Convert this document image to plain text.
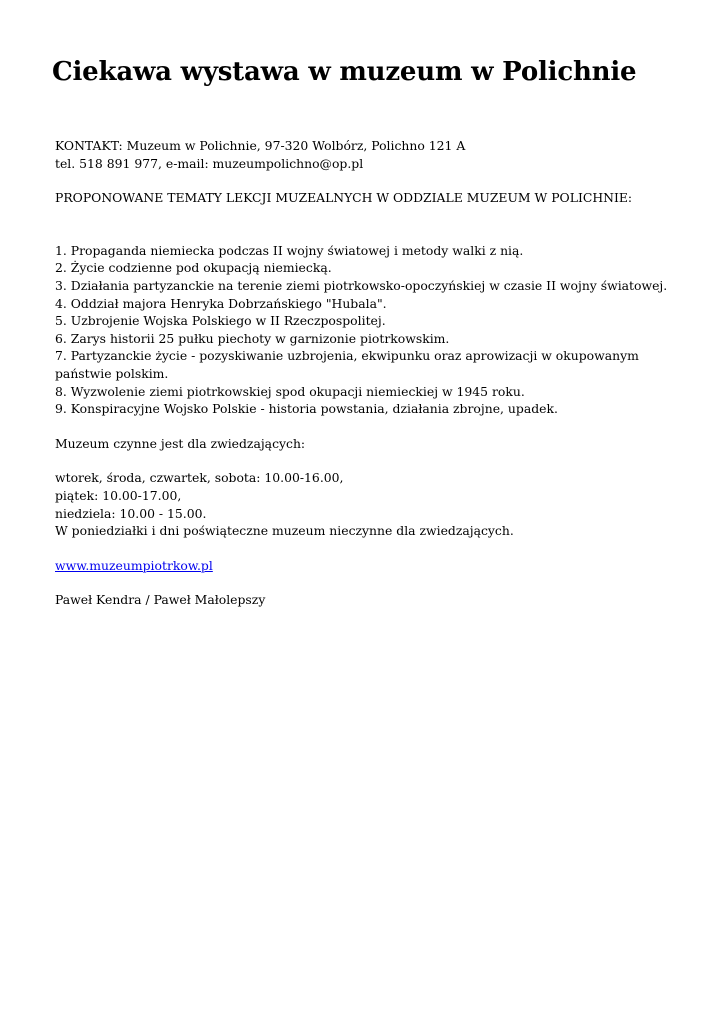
Ciekawa wystawa w muzeum w Polichnie
KONTAKT: Muzeum w Polichnie, 97-320 Wolbórz, Polichno 121 A
tel. 518 891 977, e-mail: muzeumpolichno@op.pl
PROPONOWANE TEMATY LEKCJI MUZEALNYCH W ODDZIALE MUZEUM W POLICHNIE:
1. Propaganda niemiecka podczas II wojny światowej i metody walki z nią.
2. Życie codzienne pod okupacją niemiecką.
3. Działania partyzanckie na terenie ziemi piotrkowsko-opoczyńskiej w czasie II wojny światowej.
4. Oddział majora Henryka Dobrzańskiego "Hubala".
5. Uzbrojenie Wojska Polskiego w II Rzeczpospolitej.
6. Zarys historii 25 pułku piechoty w garnizonie piotrkowskim.
7. Partyzanckie życie - pozyskiwanie uzbrojenia, ekwipunku oraz aprowizacji w okupowanym państwie polskim.
8. Wyzwolenie ziemi piotrkowskiej spod okupacji niemieckiej w 1945 roku.
9. Konspiracyjne Wojsko Polskie - historia powstania, działania zbrojne, upadek.
Muzeum czynne jest dla zwiedzających:
wtorek, środa, czwartek, sobota: 10.00-16.00,
piątek: 10.00-17.00,
niedziela: 10.00 - 15.00.
W poniedziałki i dni poświąteczne muzeum nieczynne dla zwiedzających.
www.muzeumpiotrkow.pl
Paweł Kendra / Paweł Małolepszy
